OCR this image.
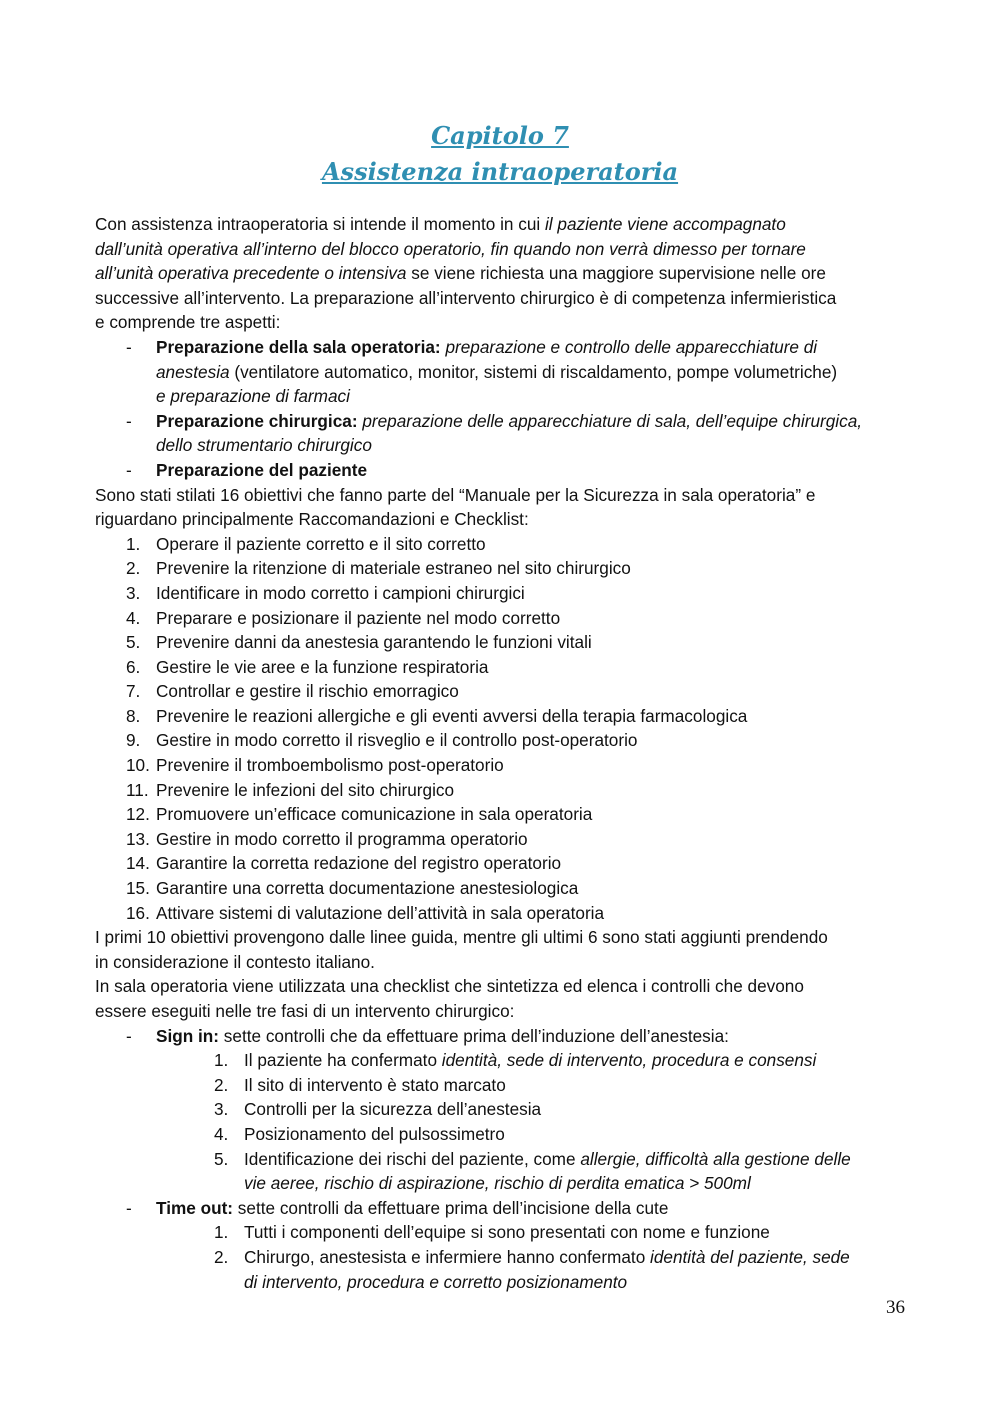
Capitolo 7
Assistenza intraoperatoria
Con assistenza intraoperatoria si intende il momento in cui il paziente viene accompagnato
dall’unità operativa all’interno del blocco operatorio, fin quando non verrà dimesso per tornare
all’unità operativa precedente o intensiva se viene richiesta una maggiore supervisione nelle ore
successive all’intervento. La preparazione all’intervento chirurgico è di competenza infermieristica
e comprende tre aspetti:
- Preparazione della sala operatoria: preparazione e controllo delle apparecchiature di
anestesia (ventilatore automatico, monitor, sistemi di riscaldamento, pompe volumetriche)
e preparazione di farmaci
- Preparazione chirurgica: preparazione delle apparecchiature di sala, dell’equipe chirurgica,
dello strumentario chirurgico
- Preparazione del paziente
Sono stati stilati 16 obiettivi che fanno parte del “Manuale per la Sicurezza in sala operatoria” e
riguardano principalmente Raccomandazioni e Checklist:
1. Operare il paziente corretto e il sito corretto
2. Prevenire la ritenzione di materiale estraneo nel sito chirurgico
3. Identificare in modo corretto i campioni chirurgici
4. Preparare e posizionare il paziente nel modo corretto
5. Prevenire danni da anestesia garantendo le funzioni vitali
6. Gestire le vie aree e la funzione respiratoria
7. Controllar e gestire il rischio emorragico
8. Prevenire le reazioni allergiche e gli eventi avversi della terapia farmacologica
9. Gestire in modo corretto il risveglio e il controllo post-operatorio
10. Prevenire il tromboembolismo post-operatorio
11. Prevenire le infezioni del sito chirurgico
12. Promuovere un’efficace comunicazione in sala operatoria
13. Gestire in modo corretto il programma operatorio
14. Garantire la corretta redazione del registro operatorio
15. Garantire una corretta documentazione anestesiologica
16. Attivare sistemi di valutazione dell’attività in sala operatoria
I primi 10 obiettivi provengono dalle linee guida, mentre gli ultimi 6 sono stati aggiunti prendendo
in considerazione il contesto italiano.
In sala operatoria viene utilizzata una checklist che sintetizza ed elenca i controlli che devono
essere eseguiti nelle tre fasi di un intervento chirurgico:
- Sign in: sette controlli che da effettuare prima dell’induzione dell’anestesia:
1. Il paziente ha confermato identità, sede di intervento, procedura e consensi
2. Il sito di intervento è stato marcato
3. Controlli per la sicurezza dell’anestesia
4. Posizionamento del pulsossimetro
5. Identificazione dei rischi del paziente, come allergie, difficoltà alla gestione delle
vie aeree, rischio di aspirazione, rischio di perdita ematica > 500ml
- Time out: sette controlli da effettuare prima dell’incisione della cute
1. Tutti i componenti dell’equipe si sono presentati con nome e funzione
2. Chirurgo, anestesista e infermiere hanno confermato identità del paziente, sede
di intervento, procedura e corretto posizionamento
36
